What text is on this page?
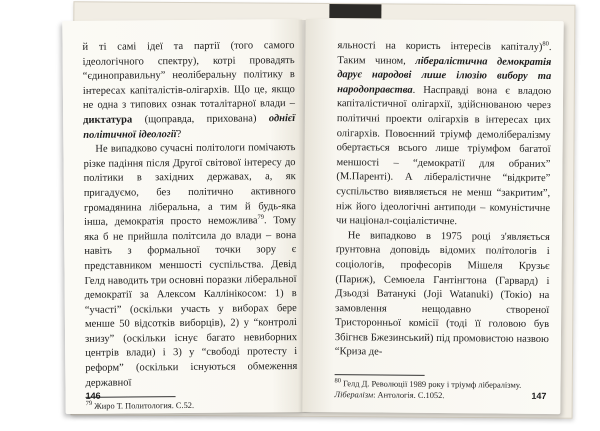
й ті самі ідеї та партії (того самого ідеологічного спектру), котрі провадять “єдиноправильну” неоліберальну політику в інтересах капіталістів-олігархів. Що це, якщо не одна з типових ознак тоталітарної влади – диктатура (щоправда, прихована) однієї політичної ідеології?

Не випадково сучасні політологи помічають різке падіння після Другої світової інтересу до політики в західних державах, а, як пригадуємо, без політично активного громадянина ліберальна, а тим й будь-яка інша, демократія просто неможлива$^{79}$. Тому яка б не прийшла політсила до влади – вона навіть з формальної точки зору є представником меншості суспільства. Девід Гелд наводить три основні поразки ліберальної демократії за Алексом Каллінікосом: 1) в “участі” (оскільки участь у виборах бере менше 50 відсотків виборців), 2) у “контролі знизу” (оскільки існує багато невиборних центрів влади) і 3) у “свободі протесту і реформ” (оскільки існуються обмеження державної

$^{79}$ Жиро Т. Политология. С.52.

146

яльності на користь інтересів капіталу)$^{80}$. Таким чином, лібералістична демократія дарує народові лише ілюзію вибору та народоправства. Насправді вона є владою капіталістичної олігархії, здійснюваною через політичні проекти олігархів в інтересах цих олігархів. Повоєнний тріумф демолібералізму обертається всього лише тріумфом багатої меншості – “демократії для обраних” (М.Паренті). А лібералістичне “відкрите” суспільство виявляється не менш “закритим”, ніж його ідеологічні антиподи – комуністичне чи націонал-соціалістичне.

Не випадково в 1975 році з'являється ґрунтовна доповідь відомих політологів і соціологів, професорів Мішеля Крузьє (Париж), Семюела Гантінгтона (Гарвард) і Дзьодзі Ватанукі (Joji Watanuki) (Токіо) на замовлення нещодавно створеної Тристоронньої комісії (тоді її головою був Збігнєв Бжезинський) під промовистою назвою “Криза де-

$^{80}$ Гелд Д. Революції 1989 року і тріумф лібералізму. Лібералізм: Антологія. С.1052.	147
